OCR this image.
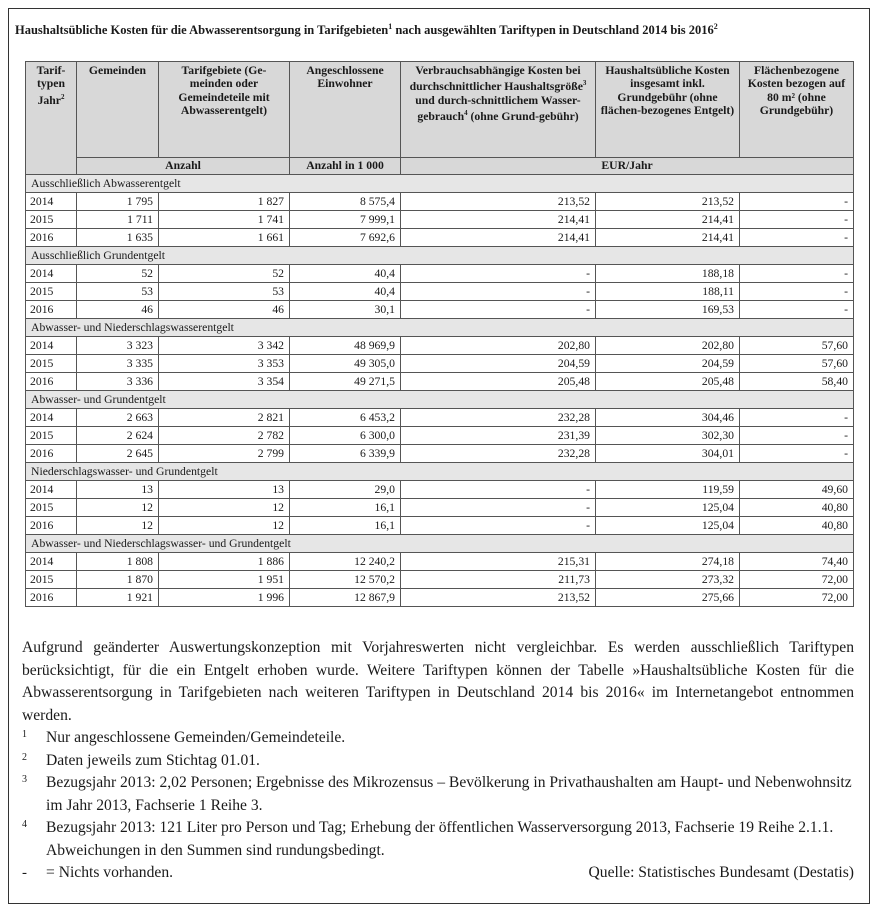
Haushaltsübliche Kosten für die Abwasserentsorgung in Tarifgebieten$^1$ nach ausgewählten Tariftypen in Deutschland 2014 bis 2016$^2$
Tarif-typen Jahr$^2$	Gemeinden	Tarifgebiete (Ge-meinden oder Gemeindeteile mit Abwasserentgelt)	Angeschlossene Einwohner	Verbrauchsabhängige Kosten bei durchschnittlicher Haushaltsgröße$^3$ und durch-schnittlichem Wasser-gebrauch$^4$ (ohne Grund-gebühr)	Haushaltsübliche Kosten insgesamt inkl. Grundgebühr (ohne flächen-bezogenes Entgelt)	Flächenbezogene Kosten bezogen auf 80 m² (ohne Grundgebühr)
	Anzahl		Anzahl in 1 000	EUR/Jahr		
Ausschließlich Abwasserentgelt						
2014	1 795	1 827	8 575,4	213,52	213,52	-
2015	1 711	1 741	7 999,1	214,41	214,41	-
2016	1 635	1 661	7 692,6	214,41	214,41	-
Ausschließlich Grundentgelt						
2014	52	52	40,4	-	188,18	-
2015	53	53	40,4	-	188,11	-
2016	46	46	30,1	-	169,53	-
Abwasser- und Niederschlagswasserentgelt						
2014	3 323	3 342	48 969,9	202,80	202,80	57,60
2015	3 335	3 353	49 305,0	204,59	204,59	57,60
2016	3 336	3 354	49 271,5	205,48	205,48	58,40
Abwasser- und Grundentgelt						
2014	2 663	2 821	6 453,2	232,28	304,46	-
2015	2 624	2 782	6 300,0	231,39	302,30	-
2016	2 645	2 799	6 339,9	232,28	304,01	-
Niederschlagswasser- und Grundentgelt						
2014	13	13	29,0	-	119,59	49,60
2015	12	12	16,1	-	125,04	40,80
2016	12	12	16,1	-	125,04	40,80
Abwasser- und Niederschlagswasser- und Grundentgelt						
2014	1 808	1 886	12 240,2	215,31	274,18	74,40
2015	1 870	1 951	12 570,2	211,73	273,32	72,00
2016	1 921	1 996	12 867,9	213,52	275,66	72,00
Aufgrund geänderter Auswertungskonzeption mit Vorjahreswerten nicht vergleichbar. Es werden ausschließlich Tariftypen berücksichtigt, für die ein Entgelt erhoben wurde. Weitere Tariftypen können der Tabelle »Haushaltsübliche Kosten für die Abwasserentsorgung in Tarifgebieten nach weiteren Tariftypen in Deutschland 2014 bis 2016« im Internetangebot entnommen werden.
1	Nur angeschlossene Gemeinden/Gemeindeteile.
2	Daten jeweils zum Stichtag 01.01.
3	Bezugsjahr 2013: 2,02 Personen; Ergebnisse des Mikrozensus – Bevölkerung in Privathaushalten am Haupt- und Nebenwohnsitz im Jahr 2013, Fachserie 1 Reihe 3.
4	Bezugsjahr 2013: 121 Liter pro Person und Tag; Erhebung der öffentlichen Wasserversorgung 2013, Fachserie 19 Reihe 2.1.1. Abweichungen in den Summen sind rundungsbedingt.
-	= Nichts vorhanden.	Quelle: Statistisches Bundesamt (Destatis)
